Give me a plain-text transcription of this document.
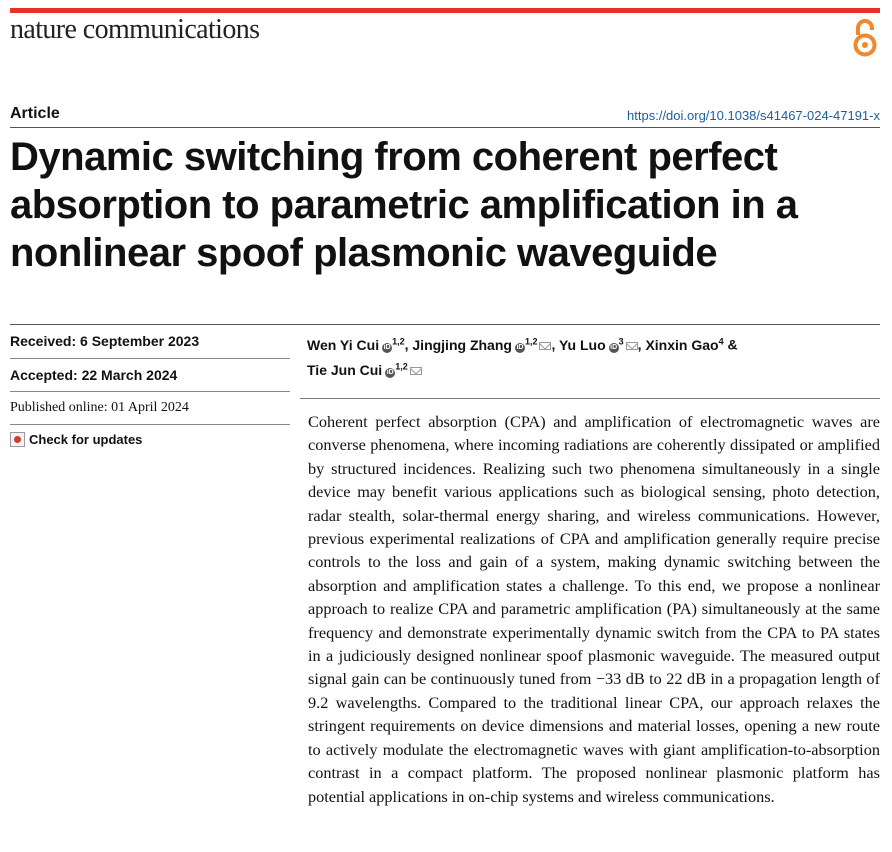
nature communications
Article	https://doi.org/10.1038/s41467-024-47191-x
Dynamic switching from coherent perfect absorption to parametric amplification in a nonlinear spoof plasmonic waveguide
Received: 6 September 2023
Accepted: 22 March 2024
Published online: 01 April 2024
Check for updates
Wen Yi Cui iD$^{1,2}$, Jingjing Zhang iD$^{1,2}$ , Yu Luo $iD^3$ , Xinxin Gao$^4$ &
Tie Jun Cui iD$^{1,2}$

Coherent perfect absorption (CPA) and amplification of electromagnetic waves are converse phenomena, where incoming radiations are coherently dissipated or amplified by structured incidences. Realizing such two phenomena simultaneously in a single device may benefit various applications such as biological sensing, photo detection, radar stealth, solar-thermal energy sharing, and wireless communications. However, previous experimental realizations of CPA and amplification generally require precise controls to the loss and gain of a system, making dynamic switching between the absorption and amplification states a challenge. To this end, we propose a nonlinear approach to realize CPA and parametric amplification (PA) simultaneously at the same frequency and demonstrate experimentally dynamic switch from the CPA to PA states in a judiciously designed nonlinear spoof plasmonic waveguide. The measured output signal gain can be continuously tuned from −33 dB to 22 dB in a propagation length of 9.2 wavelengths. Compared to the traditional linear CPA, our approach relaxes the stringent requirements on device dimensions and material losses, opening a new route to actively modulate the electromagnetic waves with giant amplification-to-absorption contrast in a compact platform. The proposed nonlinear plasmonic platform has potential applications in on-chip systems and wireless communications.
